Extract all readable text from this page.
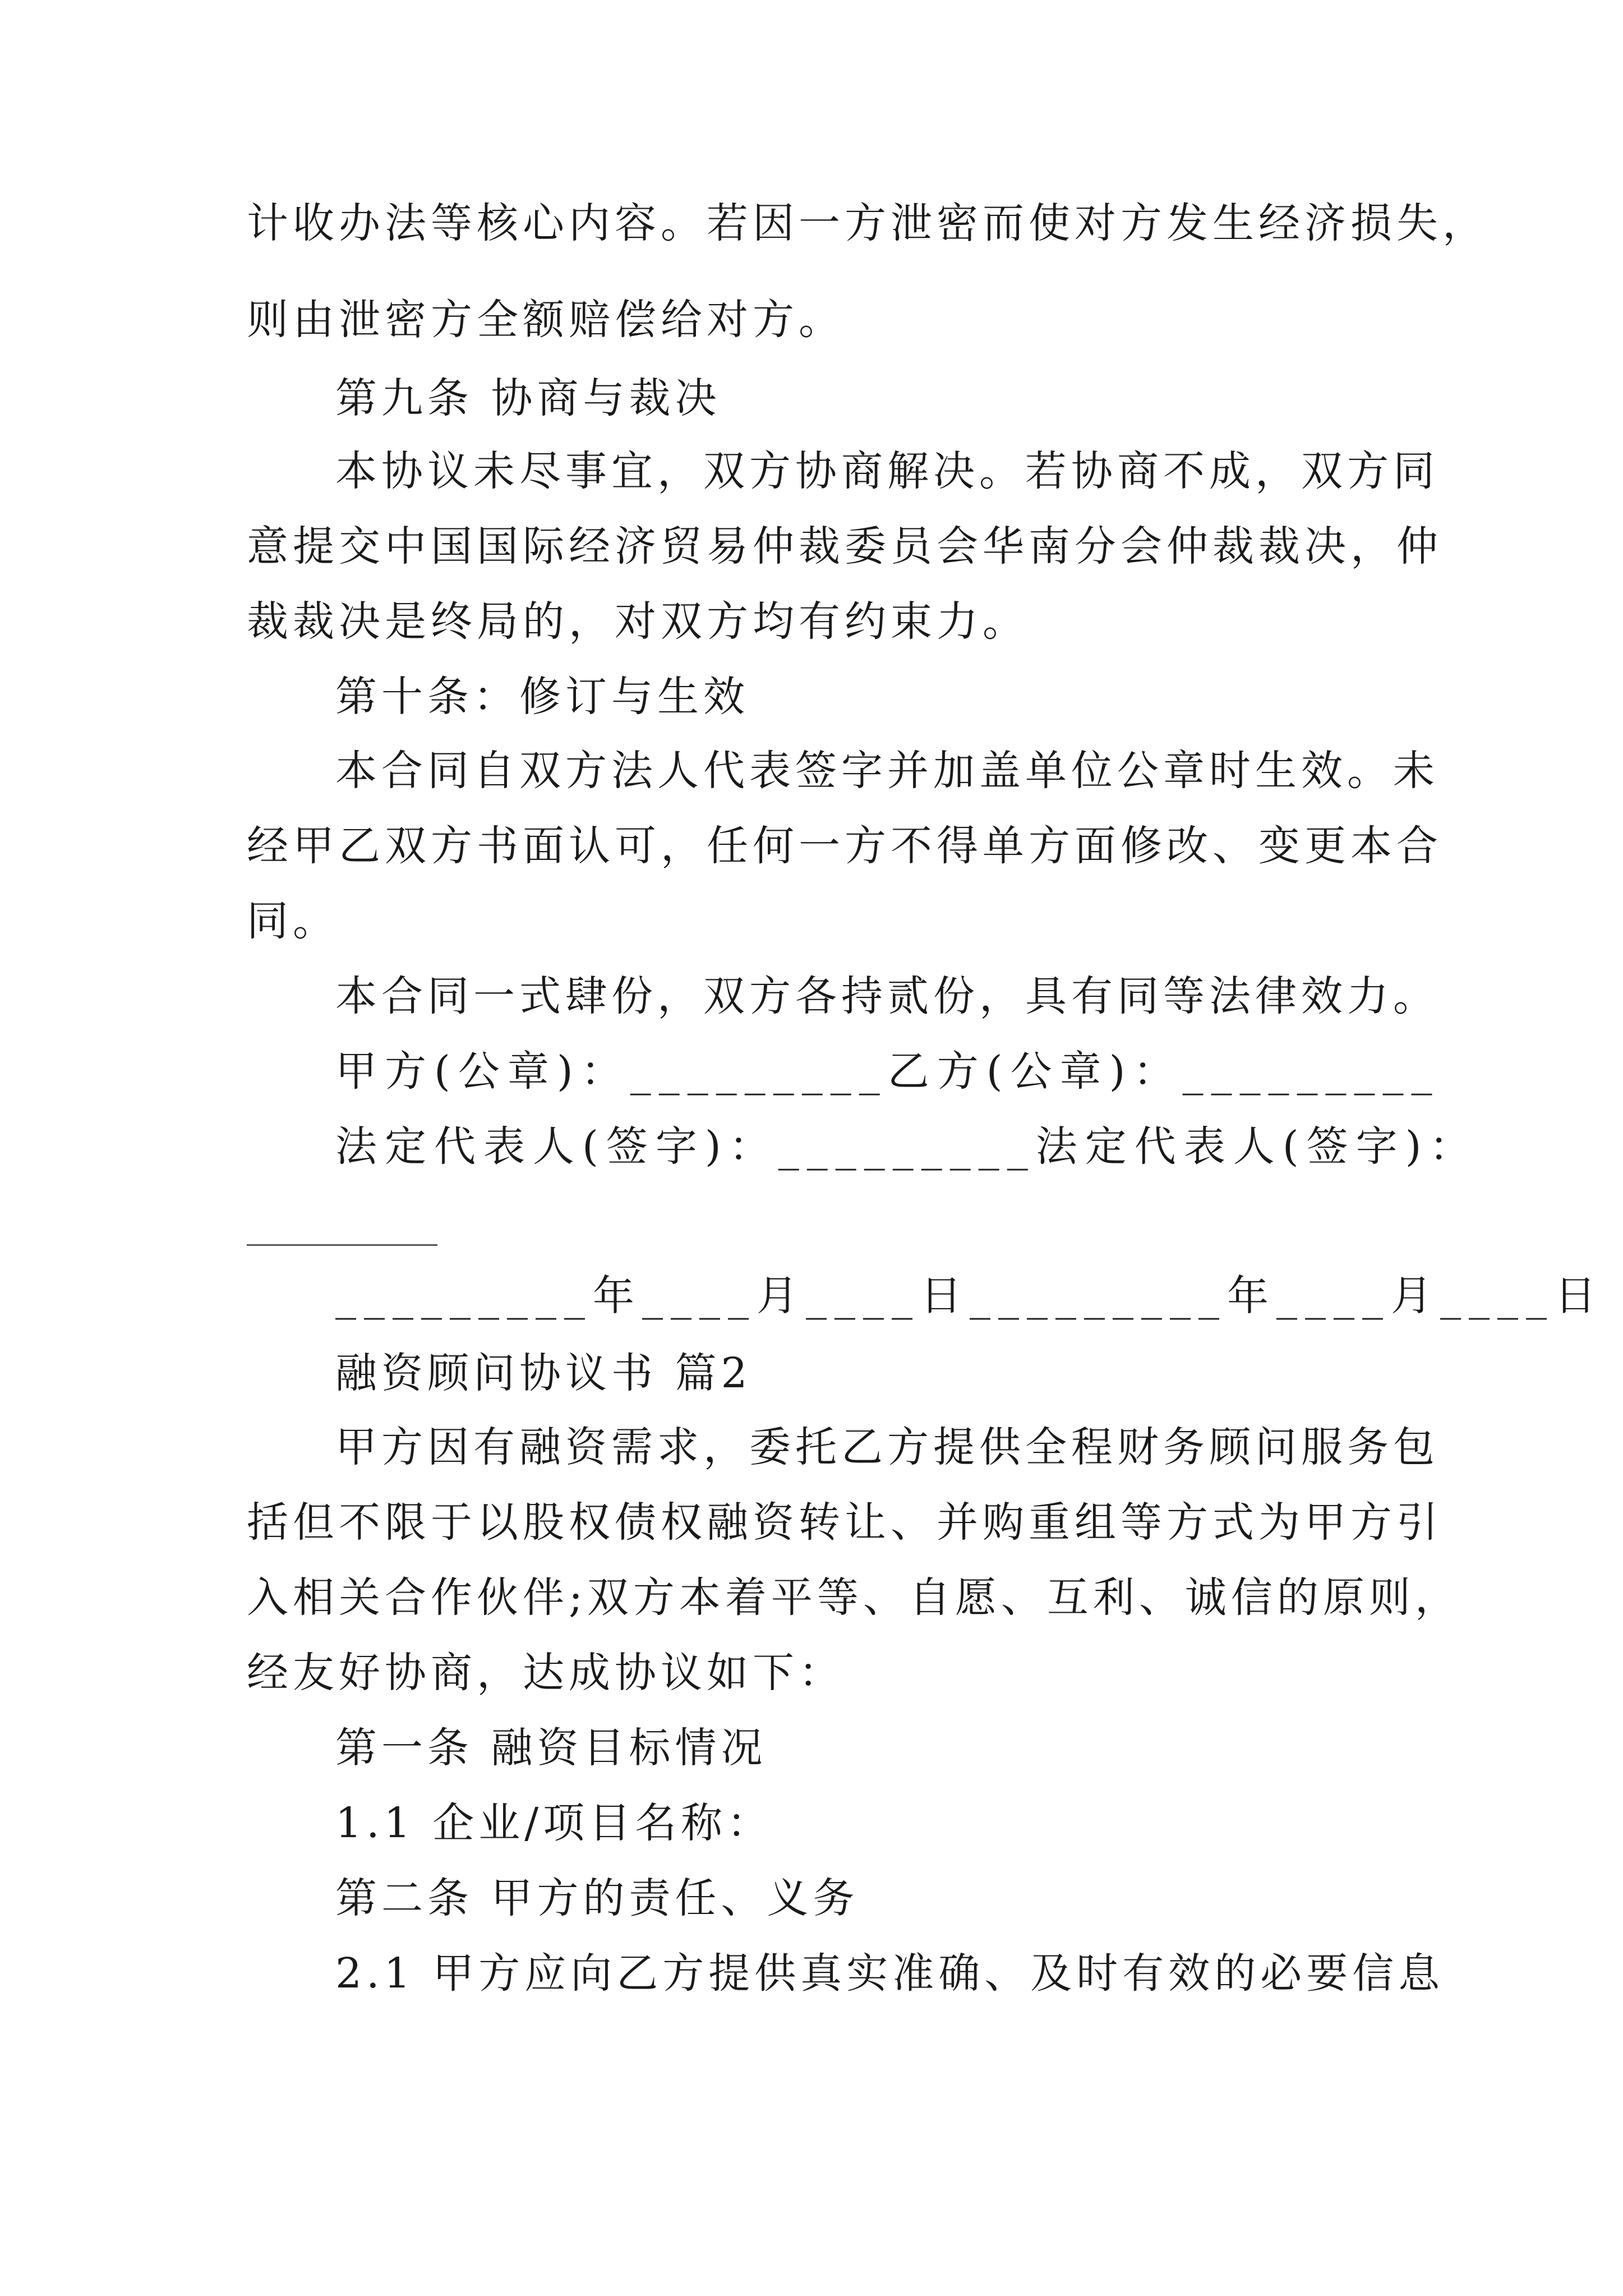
计收办法等核心内容。若因一方泄密而使对方发生经济损失，
则由泄密方全额赔偿给对方。
第九条 协商与裁决
本协议未尽事宜，双方协商解决。若协商不成，双方同
意提交中国国际经济贸易仲裁委员会华南分会仲裁裁决，仲
裁裁决是终局的，对双方均有约束力。
第十条：修订与生效
本合同自双方法人代表签字并加盖单位公章时生效。未
经甲乙双方书面认可，任何一方不得单方面修改、变更本合
同。
本合同一式肆份，双方各持贰份，具有同等法律效力。
甲方(公章)：_________乙方(公章)：_________
法定代表人(签字)：_________法定代表人(签字)：
_________年____月____日_________年____月____日
融资顾问协议书 篇2
甲方因有融资需求，委托乙方提供全程财务顾问服务包
括但不限于以股权债权融资转让、并购重组等方式为甲方引
入相关合作伙伴;双方本着平等、自愿、互利、诚信的原则，
经友好协商，达成协议如下：
第一条 融资目标情况
1.1 企业/项目名称：
第二条 甲方的责任、义务
2.1 甲方应向乙方提供真实准确、及时有效的必要信息
